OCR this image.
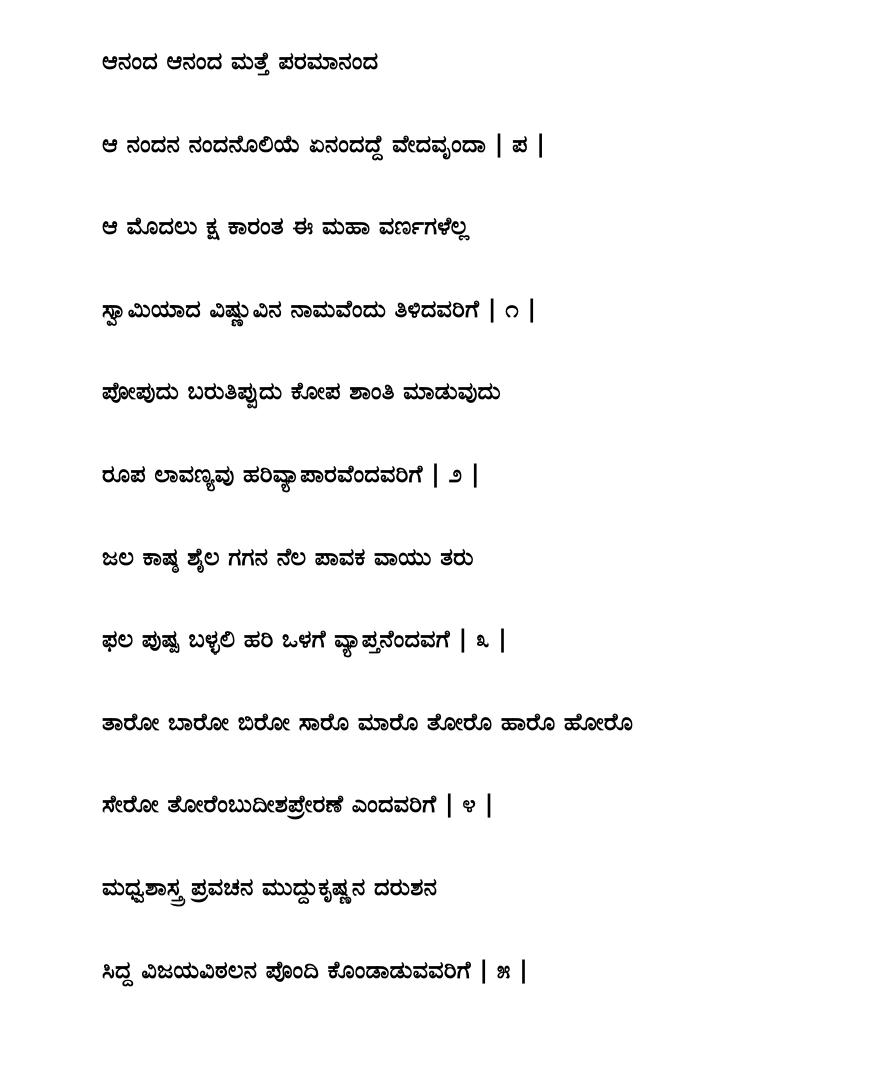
ಆನಂದ ಆನಂದ ಮತ್ತೆ ಪರಮಾನಂದ
ಆ ನಂದನ ನಂದನೊಲಿಯೆ ಏನಂದದ್ದೆ ವೇದವೃಂದಾ | ಪ |
ಆ ಮೊದಲು ಕ್ಷ ಕಾರಂತ ಈ ಮಹಾ ವರ್ಣಗಳೆಲ್ಲ
ಸ್ವಾಮಿಯಾದ ವಿಷ್ಣುವಿನ ನಾಮವೆಂದು ತಿಳಿದವರಿಗೆ | ೧ |
ಪೋಪುದು ಬರುತಿಪ್ಪುದು ಕೋಪ ಶಾಂತಿ ಮಾಡುವುದು
ರೂಪ ಲಾವಣ್ಯವು ಹರಿವ್ಯಾಪಾರವೆಂದವರಿಗೆ | ೨ |
ಜಲ ಕಾಷ್ಠ ಶೈಲ ಗಗನ ನೆಲ ಪಾವಕ ವಾಯು ತರು
ಫಲ ಪುಷ್ಪ ಬಳ್ಳಲಿ ಹರಿ ಒಳಗೆ ವ್ಯಾಪ್ತನೆಂದವಗೆ | ೩ |
ತಾರೋ ಬಾರೋ ಬಿರೋ ಸಾರೊ ಮಾರೊ ತೋರೊ ಹಾರೊ ಹೋರೊ
ಸೇರೋ ತೋರೆಂಬುದೀಶಪ್ರೇರಣೆ ಎಂದವರಿಗೆ | ೪ |
ಮಧ್ವಶಾಸ್ತ್ರ ಪ್ರವಚನ ಮುದ್ದುಕೃಷ್ಣನ ದರುಶನ
ಸಿದ್ದ ವಿಜಯವಿಠಲನ ಪೊಂದಿ ಕೊಂಡಾಡುವವರಿಗೆ | ೫ |
